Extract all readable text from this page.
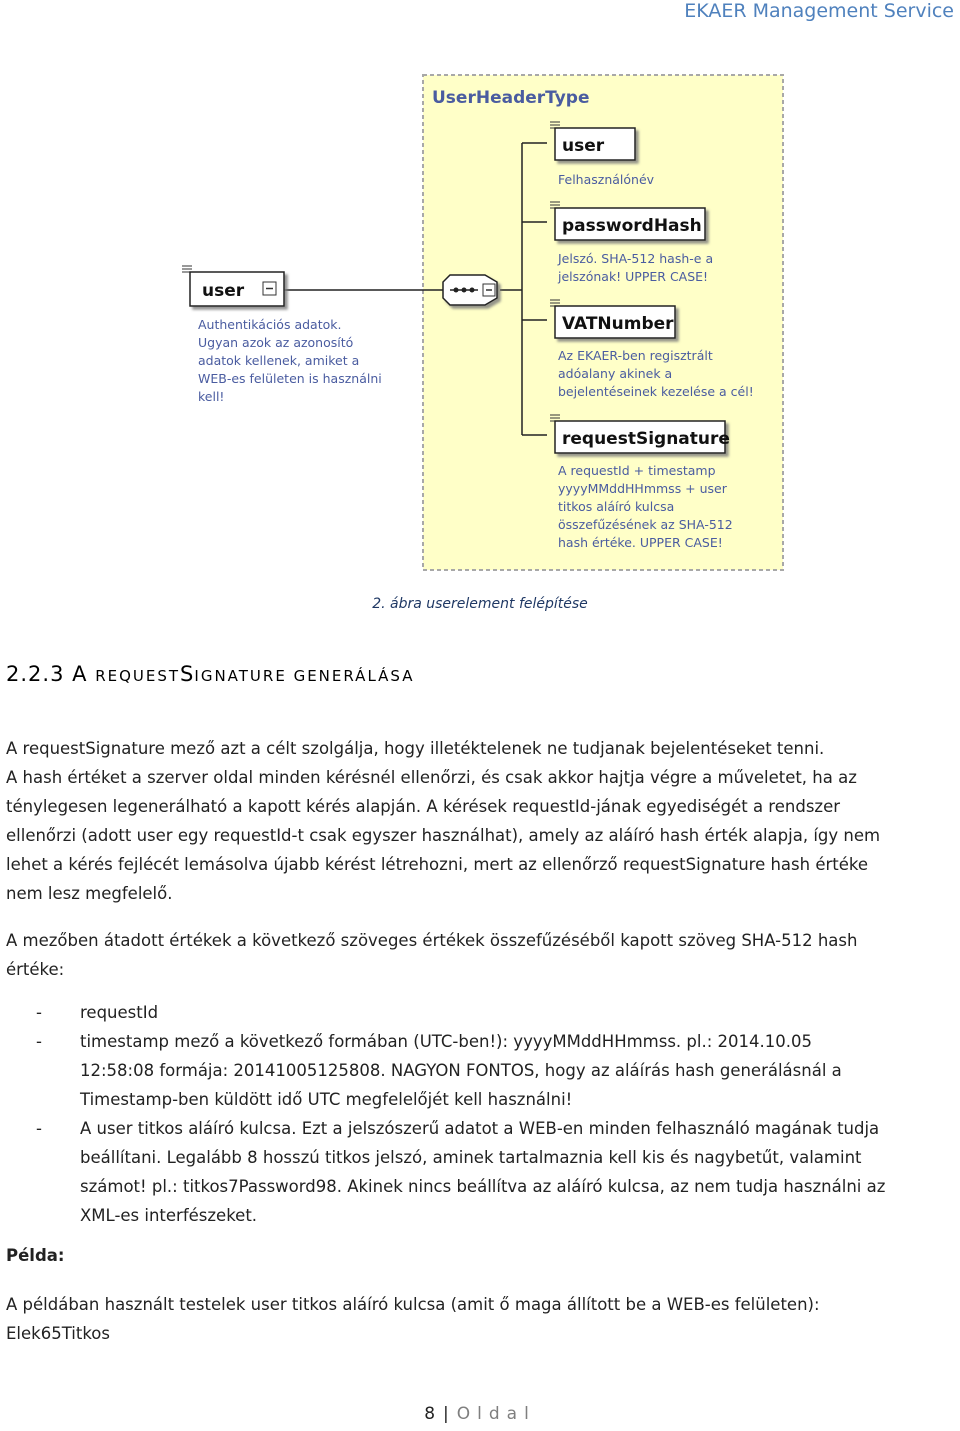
EKAER Management Service
UserHeaderType
user
Authentikációs adatok.
Ugyan azok az azonosító
adatok kellenek, amiket a
WEB-es felületen is használni
kell!
user
Felhasználónév
passwordHash
Jelszó. SHA-512 hash-e a
jelszónak! UPPER CASE!
VATNumber
Az EKAER-ben regisztrált
adóalany akinek a
bejelentéseinek kezelése a cél!
requestSignature
A requestId + timestamp
yyyyMMddHHmmss + user
titkos aláíró kulcsa
összefűzésének az SHA-512
hash értéke. UPPER CASE!
2. ábra userelement felépítése
2.2.3 A REQUESTSIGNATURE GENERÁLÁSA

A requestSignature mező azt a célt szolgálja, hogy illetéktelenek ne tudjanak bejelentéseket tenni.
A hash értéket a szerver oldal minden kérésnél ellenőrzi, és csak akkor hajtja végre a műveletet, ha az
ténylegesen legenerálható a kapott kérés alapján. A kérések requestId-jának egyediségét a rendszer
ellenőrzi (adott user egy requestId-t csak egyszer használhat), amely az aláíró hash érték alapja, így nem
lehet a kérés fejlécét lemásolva újabb kérést létrehozni, mert az ellenőrző requestSignature hash értéke
nem lesz megfelelő.

A mezőben átadott értékek a következő szöveges értékek összefűzéséből kapott szöveg SHA-512 hash
értéke:

- requestId
- timestamp mező a következő formában (UTC-ben!): yyyyMMddHHmmss. pl.: 2014.10.05
12:58:08 formája: 20141005125808. NAGYON FONTOS, hogy az aláírás hash generálásnál a
Timestamp-ben küldött idő UTC megfelelőjét kell használni!
- A user titkos aláíró kulcsa. Ezt a jelszószerű adatot a WEB-en minden felhasználó magának tudja
beállítani. Legalább 8 hosszú titkos jelszó, aminek tartalmaznia kell kis és nagybetűt, valamint
számot! pl.: titkos7Password98. Akinek nincs beállítva az aláíró kulcsa, az nem tudja használni az
XML-es interfészeket.
Példa:

A példában használt testelek user titkos aláíró kulcsa (amit ő maga állított be a WEB-es felületen):
Elek65Titkos

8 | Oldal
